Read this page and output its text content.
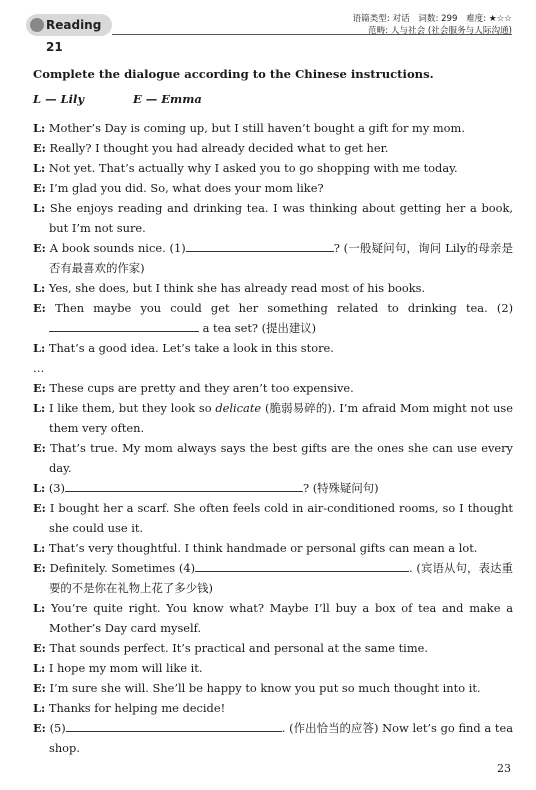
Reading 21
语篇类型: 对话　词数: 299　难度: ★☆☆
范畴: 人与社会 (社会服务与人际沟通)

Complete the dialogue according to the Chinese instructions.

L — Lily	E — Emma
L: Mother’s Day is coming up, but I still haven’t bought a gift for my mom.
E: Really? I thought you had already decided what to get her.
L: Not yet. That’s actually why I asked you to go shopping with me today.
E: I’m glad you did. So, what does your mom like?
L: She enjoys reading and drinking tea. I was thinking about getting her a book, but I’m not sure.
E: A book sounds nice. (1)	? (一般疑问句，询问 Lily的母亲是否有最喜欢的作家)
L: Yes, she does, but I think she has already read most of his books.
E: Then maybe you could get her something related to drinking tea. (2) a tea set? (提出建议)
L: That’s a good idea. Let’s take a look in this store.
…
E: These cups are pretty and they aren’t too expensive.
L: I like them, but they look so delicate (脆弱易碎的). I’m afraid Mom might not use them very often.
E: That’s true. My mom always says the best gifts are the ones she can use every day.
L: (3)	? (特殊疑问句)
E: I bought her a scarf. She often feels cold in air-conditioned rooms, so I thought she could use it.
L: That’s very thoughtful. I think handmade or personal gifts can mean a lot.
E: Definitely. Sometimes (4)	. (宾语从句，表达重要的不是你在礼物上花了多少钱)
L: You’re quite right. You know what? Maybe I’ll buy a box of tea and make a Mother’s Day card myself.
E: That sounds perfect. It’s practical and personal at the same time.
L: I hope my mom will like it.
E: I’m sure she will. She’ll be happy to know you put so much thought into it.
L: Thanks for helping me decide!
E: (5)	. (作出恰当的应答) Now let’s go find a tea shop.
23
